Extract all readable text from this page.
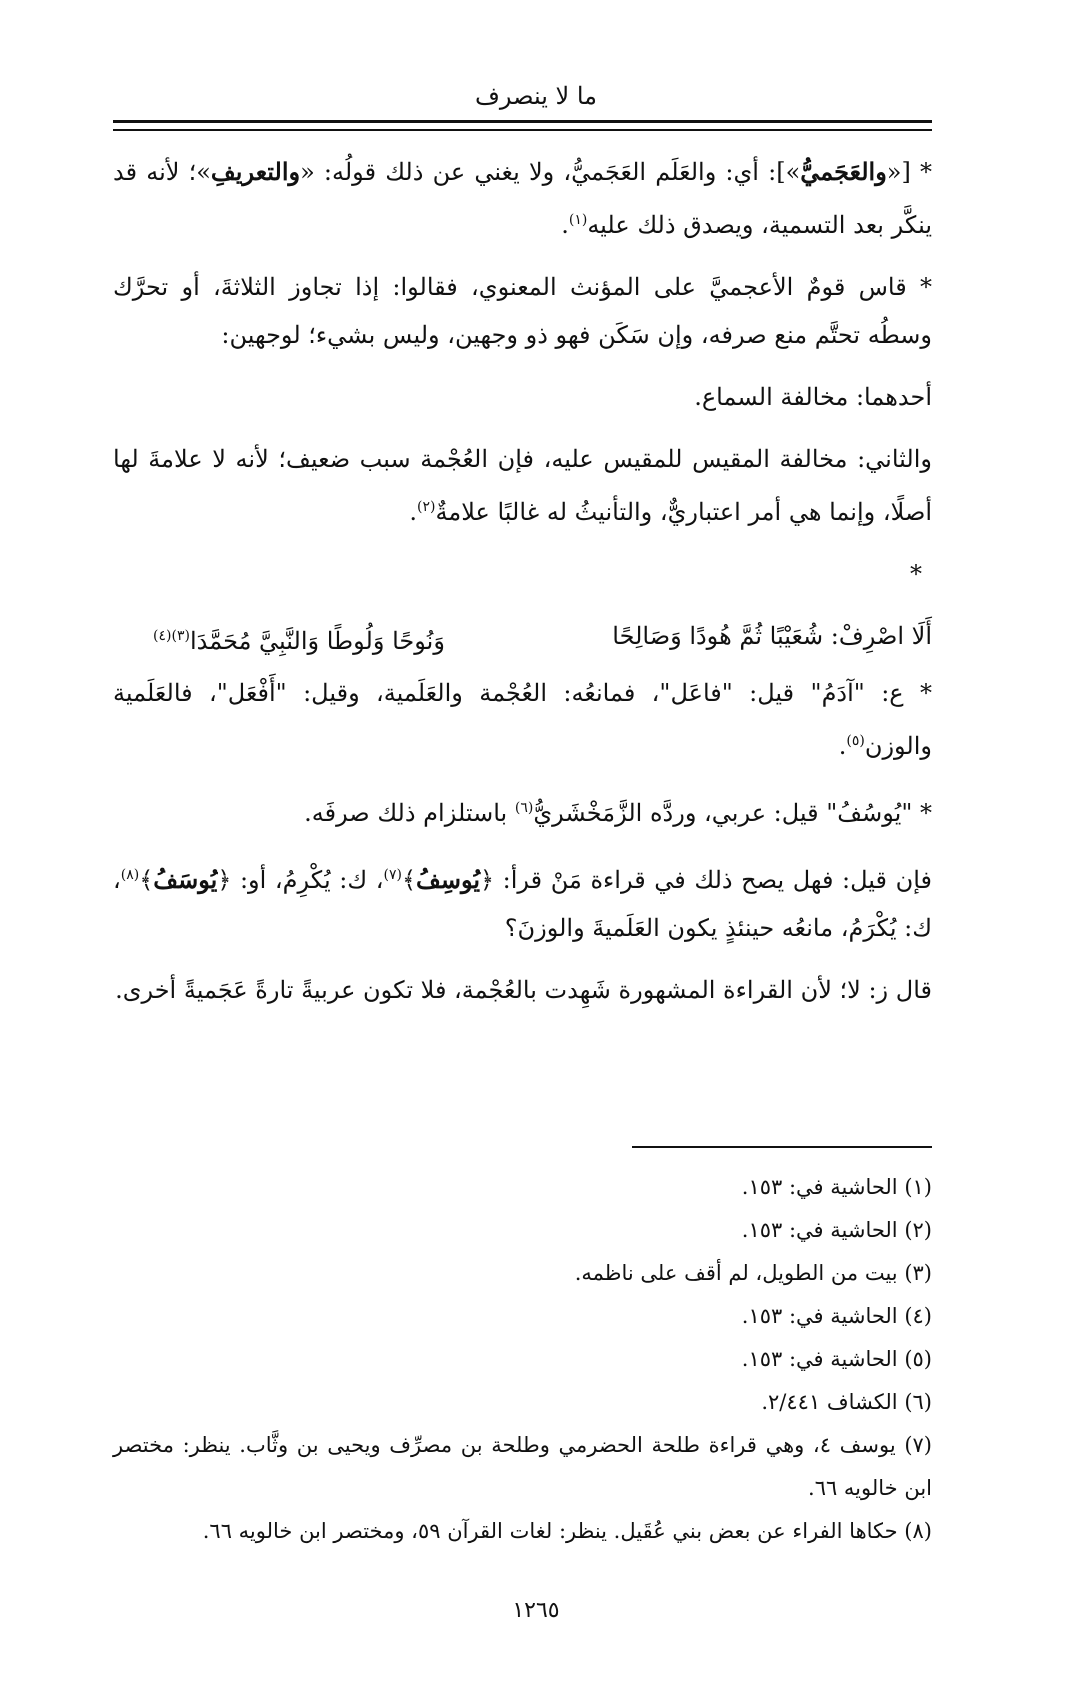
ما لا ينصرف

* [«والعَجَميُّ»]: أي: والعَلَم العَجَميُّ، ولا يغني عن ذلك قولُه: «والتعريفِ»؛ لأنه قد ينكَّر بعد التسمية، ويصدق ذلك عليه$^{(١)}$.

* قاس قومٌ الأعجميَّ على المؤنث المعنوي، فقالوا: إذا تجاوز الثلاثةَ، أو تحرَّك وسطُه تحتَّم منع صرفه، وإن سَكَن فهو ذو وجهين، وليس بشيء؛ لوجهين:

أحدهما: مخالفة السماع.

والثاني: مخالفة المقيس للمقيس عليه، فإن العُجْمة سبب ضعيف؛ لأنه لا علامةَ لها أصلًا، وإنما هي أمر اعتباريٌّ، والتأنيثُ له غالبًا علامةٌ$^{(٢)}$.

*

أَلَا اصْرِفْ: شُعَيْبًا ثُمَّ هُودًا وَصَالِحًا
وَنُوحًا وَلُوطًا وَالنَّبِيَّ مُحَمَّدَا$^{(٣)(٤)}$

* ع: "آدَمُ" قيل: "فاعَل"، فمانعُه: العُجْمة والعَلَمية، وقيل: "أَفْعَل"، فالعَلَمية والوزن$^{(٥)}$.

* "يُوسُفُ" قيل: عربي، وردَّه الزَّمَخْشَريُّ$^{(٦)}$ باستلزام ذلك صرفَه.

فإن قيل: فهل يصح ذلك في قراءة مَنْ قرأ: ﴿يُوسِفُ﴾$^{(٧)}$، ك: يُكْرِمُ، أو: ﴿يُوسَفُ﴾$^{(٨)}$، ك: يُكْرَمُ، مانعُه حينئذٍ يكون العَلَميةَ والوزنَ؟

قال ز: لا؛ لأن القراءة المشهورة شَهِدت بالعُجْمة، فلا تكون عربيةً تارةً عَجَميةً أخرى.

(١) الحاشية في: ١٥٣.
(٢) الحاشية في: ١٥٣.
(٣) بيت من الطويل، لم أقف على ناظمه.
(٤) الحاشية في: ١٥٣.
(٥) الحاشية في: ١٥٣.
(٦) الكشاف ٢/٤٤١.
(٧) يوسف ٤، وهي قراءة طلحة الحضرمي وطلحة بن مصرِّف ويحيى بن وثَّاب. ينظر: مختصر ابن خالويه ٦٦.
(٨) حكاها الفراء عن بعض بني عُقَيل. ينظر: لغات القرآن ٥٩، ومختصر ابن خالويه ٦٦.
١٢٦٥
